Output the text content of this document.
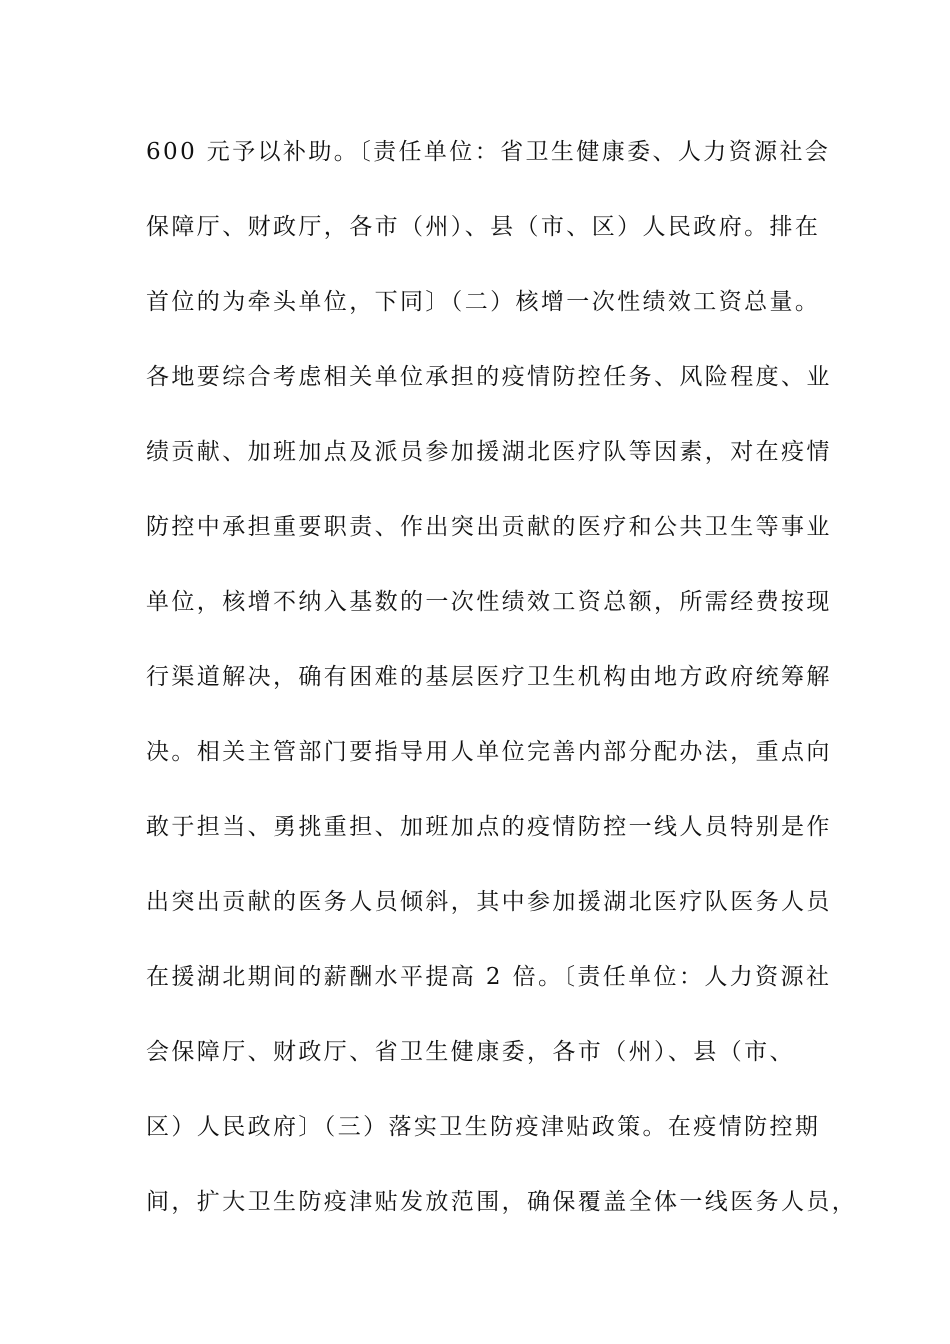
600 元予以补助。〔责任单位：省卫生健康委、人力资源社会
保障厅、财政厅，各市（州）、县（市、区）人民政府。排在
首位的为牵头单位，下同〕（二）核增一次性绩效工资总量。
各地要综合考虑相关单位承担的疫情防控任务、风险程度、业
绩贡献、加班加点及派员参加援湖北医疗队等因素，对在疫情
防控中承担重要职责、作出突出贡献的医疗和公共卫生等事业
单位，核增不纳入基数的一次性绩效工资总额，所需经费按现
行渠道解决，确有困难的基层医疗卫生机构由地方政府统筹解
决。相关主管部门要指导用人单位完善内部分配办法，重点向
敢于担当、勇挑重担、加班加点的疫情防控一线人员特别是作
出突出贡献的医务人员倾斜，其中参加援湖北医疗队医务人员
在援湖北期间的薪酬水平提高 2 倍。〔责任单位：人力资源社
会保障厅、财政厅、省卫生健康委，各市（州）、县（市、
区）人民政府〕（三）落实卫生防疫津贴政策。在疫情防控期
间，扩大卫生防疫津贴发放范围，确保覆盖全体一线医务人员，
